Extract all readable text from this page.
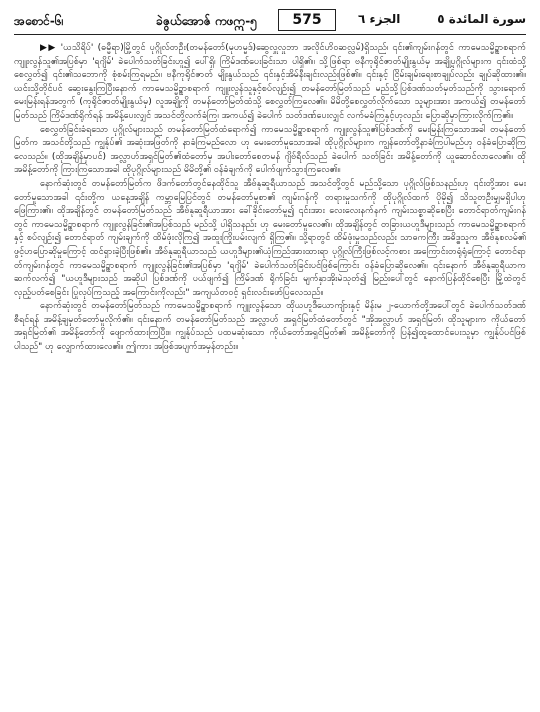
အစောင်-၆၊	ခဲဇွယ်အောဇ် ကဖဣ-၅	575	الجزء ٦	سورة المائدة ٥

▶▶ 'ယသိရိပ်' (ဓမ္မီရာ)မြို့တွင် ပုဂ္ဂိုလ်တဦး(တမန်တော်(မုဟမ္မဒ်)ဆွေလှူလှုဘာ အလိုင်ဟိဝဆလ္လမ်)ရှိသည်၊ ၎င်း၏ကျမ်းဂန်တွင် ကာမေသမ္မိဥ္စာစရာက် ကျူးလွန်သူ၏အပြစ်မှာ 'ရဂျိမ်' ခဲပေါက်သတ်ခြင်းဟူ၍ ပေါ်ရှိ၊ ကြိမ်ဒဏ်ပေးခြင်းသာ ပါရှိ၏။ သို့ဖြစ်ရာ ဗနီကုရိုင်ဇာတ်မျိုးနွယ်မှ အချို့ပုဂ္ဂိုလ်များက ၎င်းထံသို့ စေလွှတ်၍ ၎င်း၏သဘောကို စုံစမ်းကြရမည်။ ဗနီကုရိုင်ဇာတ် မျိုးနွယ်သည် ၎င်းနှင့်အိမ်နီးချင်းလည်းဖြစ်၏။ ၎င်းနှင့် ငြိမ်းချမ်းရေးစာချုပ်လည်း ချုပ်ဆိုထား၏။ ယင်းသို့တိုင်ပင် ဆွေးနွေးကြပြီးနောက် ကာမေသမ္မိဥ္စာစရာက် ကျူးလွန်သူနှင့်စပ်လျဉ်း၍ တမန်တော်မြတ်သည် မည်သို့ပြစ်ဒဏ်သတ်မှတ်သည်ကို သွားရောက်မေးမြန်းရန်အတွက် (ကုရိုင်ဇာတ်မျိုးနွယ်မှ) လူအချို့ကို တမန်တော်မြတ်ထံသို့ စေလွှတ်ကြလေ၏။ မိမိတို့စေလွှတ်လိုက်သော သူများအား အကယ်၍ တမန်တော်မြတ်သည် ကြိမ်ဒဏ်ရိုက်ရန် အမိန့်ပေးလျှင် အသင်တို့လက်ခံကြ၊ အကယ်၍ ခဲပေါက် သတ်ဒဏ်ပေးလျှင် လက်မခံကြနှင့်ဟုလည်း ပြောဆိုမှာကြားလိုက်ကြ၏။

စေလွှတ်ခြင်းခံရသော ပုဂ္ဂိုလ်များသည် တမန်တော်မြတ်ထံရောက်၍ ကာမေသမ္မိဥ္စာစရာက် ကျူးလွန်သူ၏ပြစ်ဒဏ်ကို မေးမြန်းကြသောအခါ တမန်တော်မြတ်က အသင်တို့သည် ကျွန်ုပ်၏ အဆုံးအဖြတ်ကို နာခံကြမည်လော ဟု မေးတော်မူသောအခါ ထိုပုဂ္ဂိုလ်များက ကျွန်တော်တို့နာခံကြပါမည်ဟု ဝန်ခံပြောဆိုကြ လေသည်။ (ထိုအချိန်မှာပင်) အလ္လာဟ်အရှင်မြတ်၏ထံတော်မှ အပါးတော်စေတမန် ဂျိဗ်ရီလ်သည် ခဲပေါက် သတ်ခြင်း အမိန့်တော်ကို ယူဆောင်လာလေ၏။ ထိုအမိန့်တော်ကို ကြားကြသောအခါ ထိုပုဂ္ဂိုလ်များသည် မိမိတို့၏ ဝန်ခံချက်ကို ပေါက်ဖျက်သွားကြလေ၏။

နောက်ဆုံးတွင် တမန်တော်မြတ်က ဖိဒက်တော်တွင်နေထိုင်သူ အီဗ်နုဆူရီယာသည် အသင်တို့တွင် မည်သို့သော ပုဂ္ဂိုလ်ဖြစ်သနည်းဟု ၎င်းတို့အား မေးတော်မူသောအခါ ၎င်းတို့က ယနေ့အချိန် ကမ္ဘာမြေပြင်တွင် တမန်တော်မူစာ၏ ကျမ်းဂန်ကို တရားမှုသက်ကို ထိုပုဂ္ဂိုလ်ထက် ပိုမို၍ သိသူတဦးမျှမရှိပါဟု ဖြေကြား၏။ ထိုအချိန်တွင် တမန်တော်မြတ်သည် အီဗ်နုဆူရီယာအား ခေါ်ခိုင်းတော်မူ၍ ၎င်းအား လေးလေးနက်နက် ကျမ်းသစ္စာဆိုစေပြီး တောင်ရာတ်ကျမ်းဂန်တွင် ကာမေသမ္မိဥ္စာစရာက် ကျူးလွန်ခြင်း၏အပြစ်သည် မည်သို့ ပါရှိသနည်း ဟု မေးတော်မူလေ၏။ ထိုအချိန်တွင် တခြားယဟူဒီများသည် ကာမေသမ္မိဥ္စာစရာက်နှင့် စပ်လျဉ်း၍ တောင်ရာတ် ကျမ်းချက်ကို ထိမ်ဖုံးလိုကြ၍ အထူးကြိုးပမ်းလျက် ရှိကြ၏။ သို့ရာတွင် ထိမ်ဖုံးမှုသည်လည်း သာဓကကြီး အဓိဒ္ဓသူက အီဗ်နုစလမ်၏ ဖွင့်ဟပြောဆိုမှုကြောင့် ထင်ရှားခဲ့ပြီးဖြစ်၏။ အီဗ်နုဆူရီယာသည် ယဟူဒီများ၏ယုံကြည်အားထားရာ ပုဂ္ဂိုလ်ကြီးဖြစ်လင့်ကစား အကြောင်းတရုံရုံကြောင့် တောင်ရာတ်ကျမ်းဂန်တွင် ကာမေသမ္မိဥ္စာစရာက် ကျူးလွန်ခြင်း၏အပြစ်မှာ 'ရဂျိမ်' ခဲပေါက်သတ်ခြင်းပင်ဖြစ်ကြောင်း ဝန်ခံပြောဆိုလေ၏။ ၎င်းနောက် အီဗ်နုဆူရီယာက ဆက်လက်၍ "ယဟူဒီများသည် အဆိုပါ ပြစ်ဒဏ်ကို ပယ်ဖျက်၍ ကြိမ်ဒဏ် ရိုက်ခြင်း မျက်နှာအိုးမဲသုတ်၍ မြည်းပေါ်တွင် နောက်ပြန်ထိုင်စေပြီး မြို့ထဲတွင် လှည့်ပတ်စေခြင်း ပြုလုပ်ကြသည့် အကြောင်းကိုလည်း" အကျယ်တဝင့် ရှင်းလင်းဖော်ပြလေသည်။

နောက်ဆုံးတွင် တမန်တော်မြတ်သည် ကာမေသမ္မိဥ္စာစရာက် ကျူးလွန်သော ထိုယဟူဒီယောကျ်ားနှင့် မိန်းမ ၂-ယောက်တို့အပေါ်တွင် ခဲပေါက်သတ်ဒဏ် စီရင်ရန် အမိန့်ချမှတ်တော်မူလိုက်၏။ ၎င်းနောက် တမန်တော်မြတ်သည် အလ္လာဟ် အရှင်မြတ်ထံတော်တွင် "အိုအလ္လာဟ် အရှင်မြတ်၊ ထိုသူများက ကိုယ်တော် အရှင်မြတ်၏ အမိန့်တော်ကို ဖျောက်ထားကြပြီး။ ကျွန်ုပ်သည် ပထမဆုံးသော ကိုယ်တော်အရှင်မြတ်၏ အမိန့်တော်ကို ပြန်၍ထူထောင်ပေးသူမှာ ကျွန်ုပ်ပင်ဖြစ်ပါသည်" ဟု လျှောက်ထားလေ၏။ ဤကား အဖြစ်အပျက်အမှန်တည်း။
